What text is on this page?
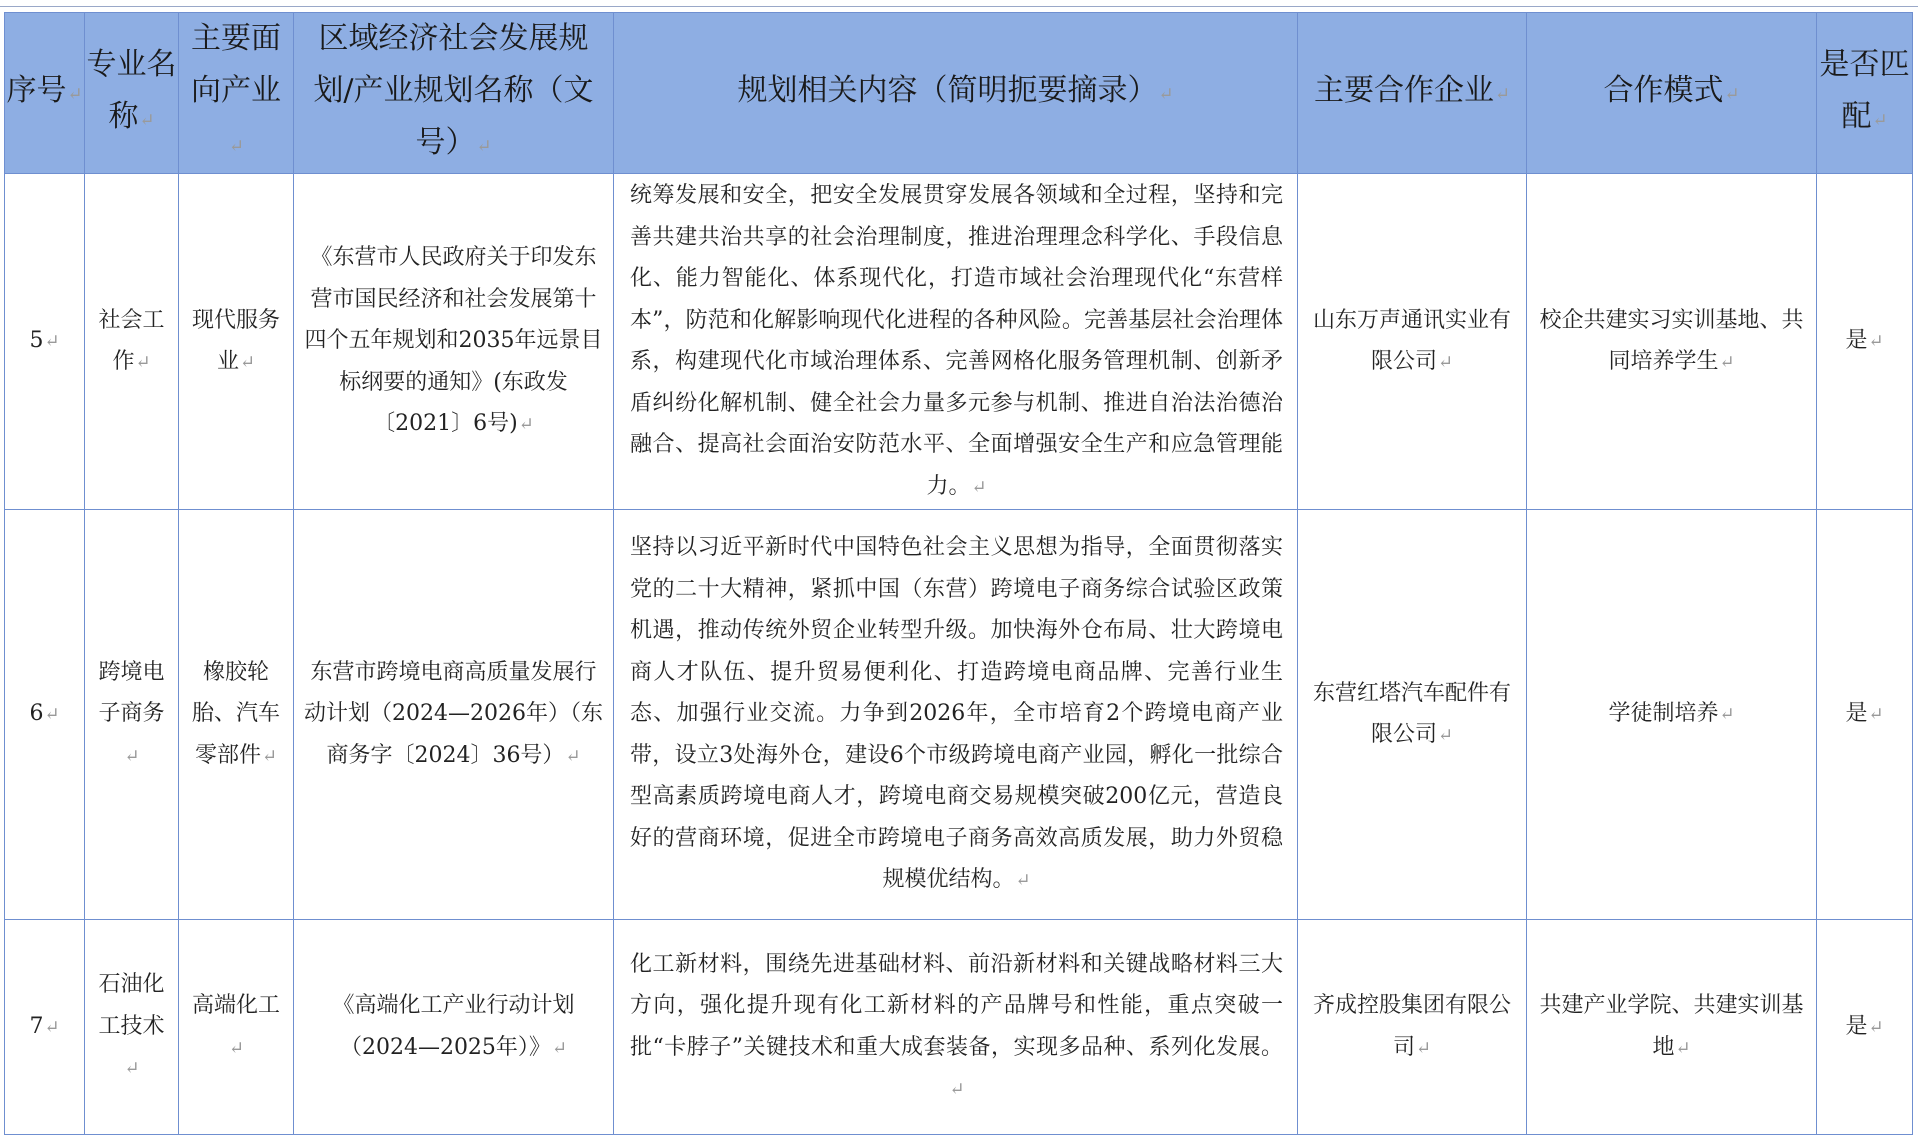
序号↵	专业名称↵	主要面向产业↵	区域经济社会发展规划/产业规划名称（文号）↵	规划相关内容（简明扼要摘录）↵	主要合作企业↵	合作模式↵	是否匹配↵
5↵	社会工作↵	现代服务业↵	《东营市人民政府关于印发东营市国民经济和社会发展第十四个五年规划和2035年远景目标纲要的通知》(东政发〔2021〕6号)↵	统筹发展和安全，把安全发展贯穿发展各领域和全过程，坚持和完善共建共治共享的社会治理制度，推进治理理念科学化、手段信息化、能力智能化、体系现代化，打造市域社会治理现代化“东营样本”，防范和化解影响现代化进程的各种风险。完善基层社会治理体系，构建现代化市域治理体系、完善网格化服务管理机制、创新矛盾纠纷化解机制、健全社会力量多元参与机制、推进自治法治德治融合、提高社会面治安防范水平、全面增强安全生产和应急管理能力。↵	山东万声通讯实业有限公司↵	校企共建实习实训基地、共同培养学生↵	是↵
6↵	跨境电子商务↵	橡胶轮胎、汽车零部件↵	东营市跨境电商高质量发展行动计划（2024—2026年）（东商务字〔2024〕36号）↵	坚持以习近平新时代中国特色社会主义思想为指导，全面贯彻落实党的二十大精神，紧抓中国（东营）跨境电子商务综合试验区政策机遇，推动传统外贸企业转型升级。加快海外仓布局、壮大跨境电商人才队伍、提升贸易便利化、打造跨境电商品牌、完善行业生态、加强行业交流。力争到2026年，全市培育2个跨境电商产业带，设立3处海外仓，建设6个市级跨境电商产业园，孵化一批综合型高素质跨境电商人才，跨境电商交易规模突破200亿元，营造良好的营商环境，促进全市跨境电子商务高效高质发展，助力外贸稳规模优结构。↵	东营红塔汽车配件有限公司↵	学徒制培养↵	是↵
7↵	石油化工技术↵	高端化工↵	《高端化工产业行动计划（2024—2025年）》↵	化工新材料，围绕先进基础材料、前沿新材料和关键战略材料三大方向，强化提升现有化工新材料的产品牌号和性能，重点突破一批“卡脖子”关键技术和重大成套装备，实现多品种、系列化发展。↵	齐成控股集团有限公司↵	共建产业学院、共建实训基地↵	是↵
